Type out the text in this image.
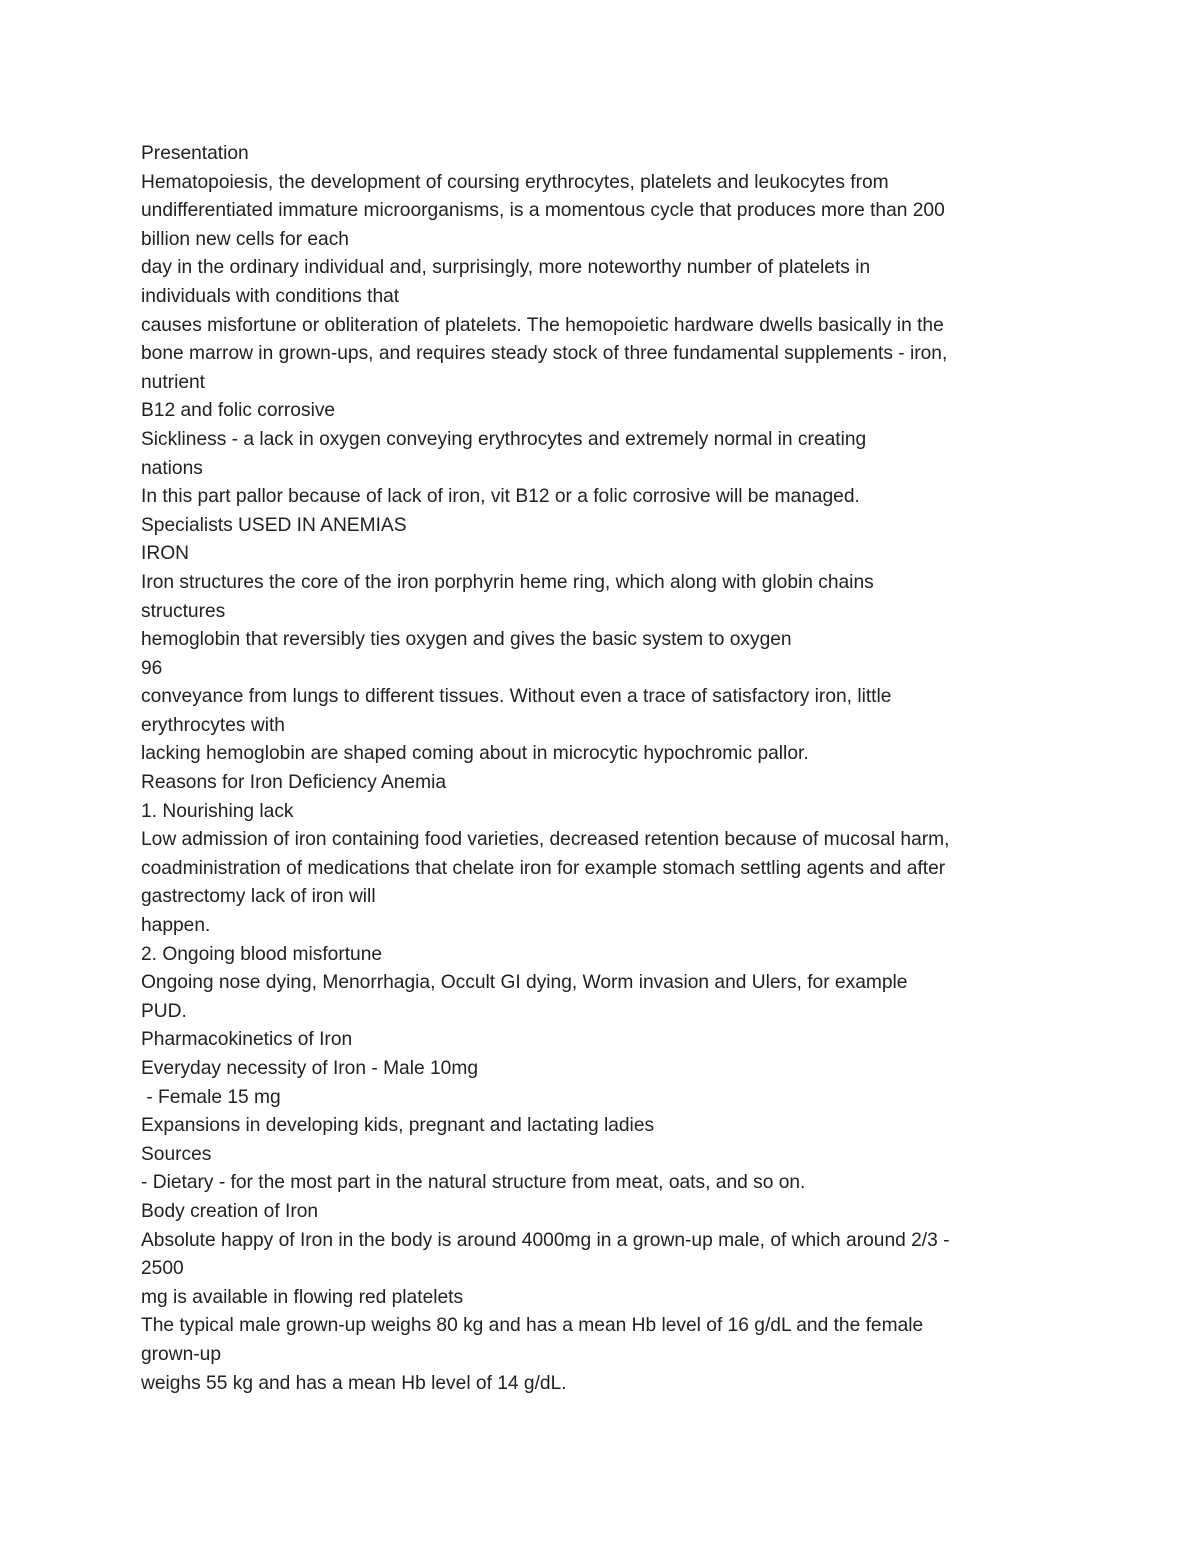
Presentation
Hematopoiesis, the development of coursing erythrocytes, platelets and leukocytes from
undifferentiated immature microorganisms, is a momentous cycle that produces more than 200
billion new cells for each
day in the ordinary individual and, surprisingly, more noteworthy number of platelets in
individuals with conditions that
causes misfortune or obliteration of platelets. The hemopoietic hardware dwells basically in the
bone marrow in grown-ups, and requires steady stock of three fundamental supplements - iron,
nutrient
B12 and folic corrosive
Sickliness - a lack in oxygen conveying erythrocytes and extremely normal in creating
nations
In this part pallor because of lack of iron, vit B12 or a folic corrosive will be managed.
Specialists USED IN ANEMIAS
IRON
Iron structures the core of the iron porphyrin heme ring, which along with globin chains
structures
hemoglobin that reversibly ties oxygen and gives the basic system to oxygen
96
conveyance from lungs to different tissues. Without even a trace of satisfactory iron, little
erythrocytes with
lacking hemoglobin are shaped coming about in microcytic hypochromic pallor.
Reasons for Iron Deficiency Anemia
1. Nourishing lack
Low admission of iron containing food varieties, decreased retention because of mucosal harm,
coadministration of medications that chelate iron for example stomach settling agents and after
gastrectomy lack of iron will
happen.
2. Ongoing blood misfortune
Ongoing nose dying, Menorrhagia, Occult GI dying, Worm invasion and Ulers, for example
PUD.
Pharmacokinetics of Iron
Everyday necessity of Iron - Male 10mg
- Female 15 mg
Expansions in developing kids, pregnant and lactating ladies
Sources
- Dietary - for the most part in the natural structure from meat, oats, and so on.
Body creation of Iron
Absolute happy of Iron in the body is around 4000mg in a grown-up male, of which around 2/3 -
2500
mg is available in flowing red platelets
The typical male grown-up weighs 80 kg and has a mean Hb level of 16 g/dL and the female
grown-up
weighs 55 kg and has a mean Hb level of 14 g/dL.
